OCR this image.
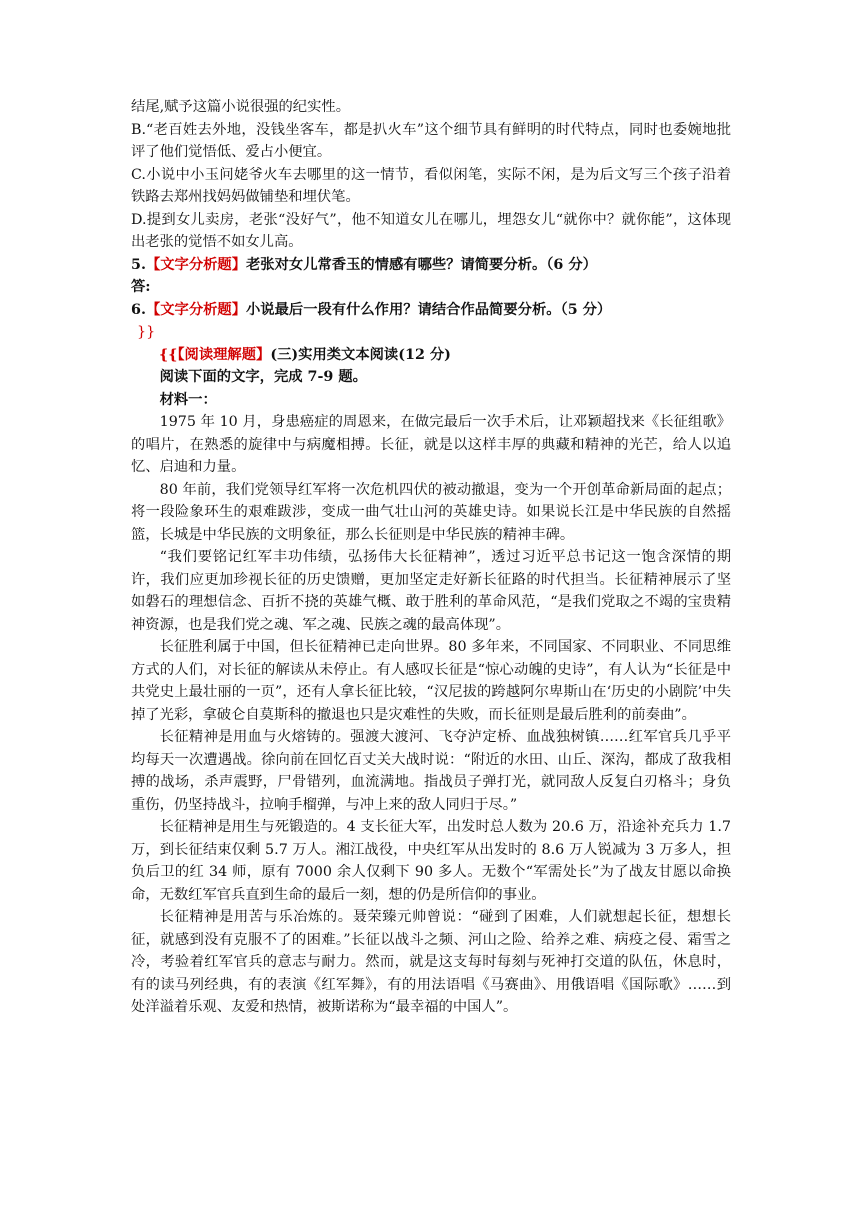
结尾,赋予这篇小说很强的纪实性。

B.“老百姓去外地，没钱坐客车，都是扒火车”这个细节具有鲜明的时代特点，同时也委婉地批评了他们觉悟低、爱占小便宜。

C.小说中小玉问姥爷火车去哪里的这一情节，看似闲笔，实际不闲，是为后文写三个孩子沿着铁路去郑州找妈妈做铺垫和埋伏笔。

D.提到女儿卖房，老张“没好气”，他不知道女儿在哪儿，埋怨女儿“就你中？就你能”，这体现出老张的觉悟不如女儿高。

5.【文字分析题】老张对女儿常香玉的情感有哪些？请简要分析。（6 分）

答:

6.【文字分析题】小说最后一段有什么作用？请结合作品简要分析。（5 分）

}}

{{【阅读理解题】(三)实用类文本阅读(12 分)

阅读下面的文字，完成 7-9 题。

材料一：

1975 年 10 月，身患癌症的周恩来，在做完最后一次手术后，让邓颖超找来《长征组歌》的唱片，在熟悉的旋律中与病魔相搏。长征，就是以这样丰厚的典藏和精神的光芒，给人以追忆、启迪和力量。

80 年前，我们党领导红军将一次危机四伏的被动撤退，变为一个开创革命新局面的起点；将一段险象环生的艰难跋涉，变成一曲气壮山河的英雄史诗。如果说长江是中华民族的自然摇篮，长城是中华民族的文明象征，那么长征则是中华民族的精神丰碑。

“我们要铭记红军丰功伟绩，弘扬伟大长征精神”，透过习近平总书记这一饱含深情的期许，我们应更加珍视长征的历史馈赠，更加坚定走好新长征路的时代担当。长征精神展示了坚如磐石的理想信念、百折不挠的英雄气概、敢于胜利的革命风范，“是我们党取之不竭的宝贵精神资源，也是我们党之魂、军之魂、民族之魂的最高体现”。

长征胜利属于中国，但长征精神已走向世界。80 多年来，不同国家、不同职业、不同思维方式的人们，对长征的解读从未停止。有人感叹长征是“惊心动魄的史诗”，有人认为“长征是中共党史上最壮丽的一页”，还有人拿长征比较，“汉尼拔的跨越阿尔卑斯山在‘历史的小剧院’中失掉了光彩，拿破仑自莫斯科的撤退也只是灾难性的失败，而长征则是最后胜利的前奏曲”。

长征精神是用血与火熔铸的。强渡大渡河、飞夺泸定桥、血战独树镇……红军官兵几乎平均每天一次遭遇战。徐向前在回忆百丈关大战时说：“附近的水田、山丘、深沟，都成了敌我相搏的战场，杀声震野，尸骨错列，血流满地。指战员子弹打光，就同敌人反复白刃格斗；身负重伤，仍坚持战斗，拉响手榴弹，与冲上来的敌人同归于尽。”

长征精神是用生与死锻造的。4 支长征大军，出发时总人数为 20.6 万，沿途补充兵力 1.7 万，到长征结束仅剩 5.7 万人。湘江战役，中央红军从出发时的 8.6 万人锐减为 3 万多人，担负后卫的红 34 师，原有 7000 余人仅剩下 90 多人。无数个“军需处长”为了战友甘愿以命换命，无数红军官兵直到生命的最后一刻，想的仍是所信仰的事业。

长征精神是用苦与乐冶炼的。聂荣臻元帅曾说：“碰到了困难，人们就想起长征，想想长征，就感到没有克服不了的困难。”长征以战斗之频、河山之险、给养之难、病疫之侵、霜雪之冷，考验着红军官兵的意志与耐力。然而，就是这支每时每刻与死神打交道的队伍，休息时，有的读马列经典，有的表演《红军舞》，有的用法语唱《马赛曲》、用俄语唱《国际歌》……到处洋溢着乐观、友爱和热情，被斯诺称为“最幸福的中国人”。
